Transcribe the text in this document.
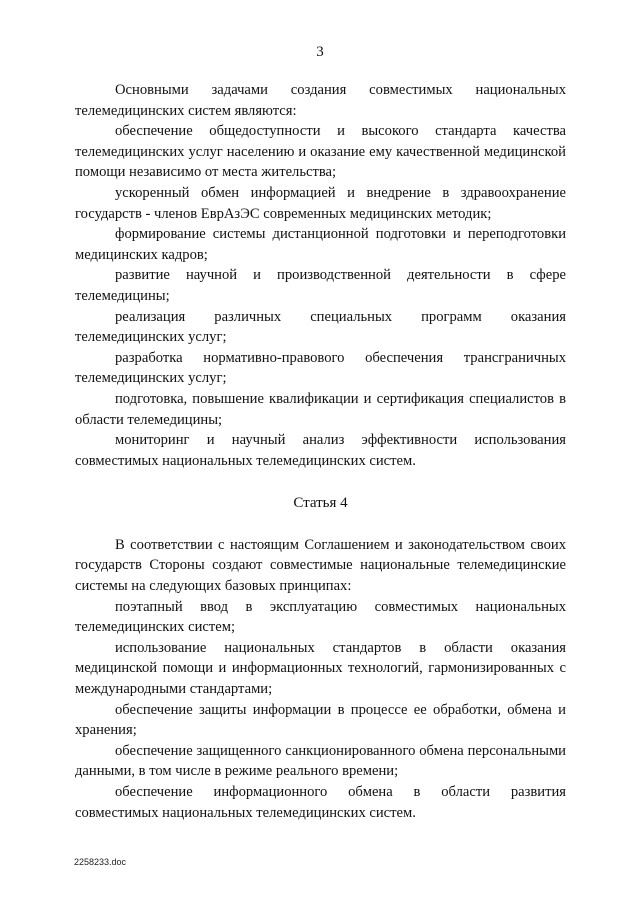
3

Основными задачами создания совместимых национальных телемедицинских систем являются:

обеспечение общедоступности и высокого стандарта качества телемедицинских услуг населению и оказание ему качественной медицинской помощи независимо от места жительства;

ускоренный обмен информацией и внедрение в здравоохранение государств - членов ЕврАзЭС современных медицинских методик;

формирование системы дистанционной подготовки и переподготовки медицинских кадров;

развитие научной и производственной деятельности в сфере телемедицины;

реализация различных специальных программ оказания телемедицинских услуг;

разработка нормативно-правового обеспечения трансграничных телемедицинских услуг;

подготовка, повышение квалификации и сертификация специалистов в области телемедицины;

мониторинг и научный анализ эффективности использования совместимых национальных телемедицинских систем.

Статья 4

В соответствии с настоящим Соглашением и законодательством своих государств Стороны создают совместимые национальные телемедицинские системы на следующих базовых принципах:

поэтапный ввод в эксплуатацию совместимых национальных телемедицинских систем;

использование национальных стандартов в области оказания медицинской помощи и информационных технологий, гармонизированных с международными стандартами;

обеспечение защиты информации в процессе ее обработки, обмена и хранения;

обеспечение защищенного санкционированного обмена персональными данными, в том числе в режиме реального времени;

обеспечение информационного обмена в области развития совместимых национальных телемедицинских систем.

2258233.doc
